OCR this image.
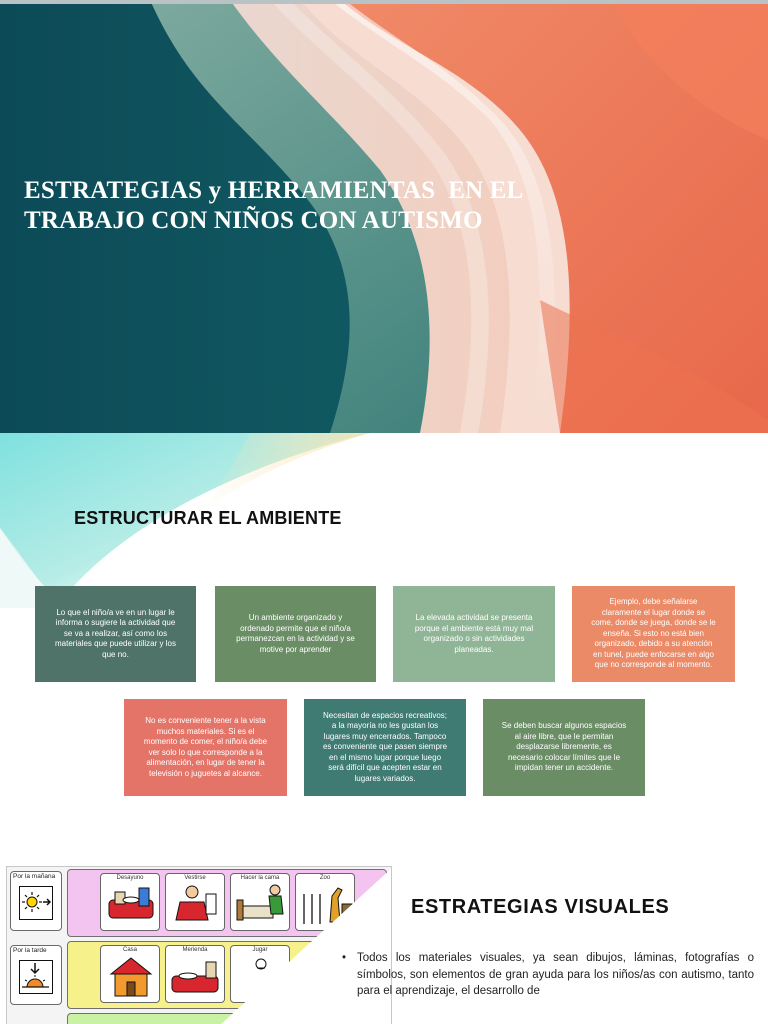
ESTRATEGIAS y HERRAMIENTAS  EN EL
TRABAJO CON NIÑOS CON AUTISMO
ESTRUCTURAR EL AMBIENTE
Lo que el niño/a ve en un lugar le
informa o sugiere la actividad que
se va a realizar, así como los
materiales que puede utilizar y los
que no.
Un ambiente organizado y
ordenado permite que el niño/a
permanezcan en la actividad y se
motive por aprender
La elevada actividad se presenta
porque el ambiente está muy mal
organizado o sin actividades
planeadas.
Ejemplo, debe señalarse
claramente el lugar donde se
come, donde se juega, donde se le
enseña. Si esto no está bien
organizado, debido a su atención
en tunel, puede enfocarse en algo
que no corresponde al momento.
No es conveniente tener a la vista
muchos materiales. Si es el
momento de comer, el niño/a debe
ver solo lo que corresponde a la
alimentación, en lugar de tener la
televisión o juguetes al alcance.
Necesitan de espacios recreativos;
a la mayoría no les gustan los
lugares muy encerrados. Tampoco
es conveniente que pasen siempre
en el mismo lugar porque luego
será difícil que acepten estar en
lugares variados.
Se deben buscar algunos espacios
al aire libre, que le permitan
desplazarse libremente, es
necesario colocar límites que le
impidan tener un accidente.
Por la mañana
Por la tarde
Desayuno	Vestirse	Hacer la cama	Zoo
Casa	Merienda	Jugar
ESTRATEGIAS VISUALES
• Todos los materiales visuales, ya sean dibujos, láminas, fotografías o símbolos, son elementos de gran ayuda para los niños/as con autismo, tanto para el aprendizaje, el desarrollo de
